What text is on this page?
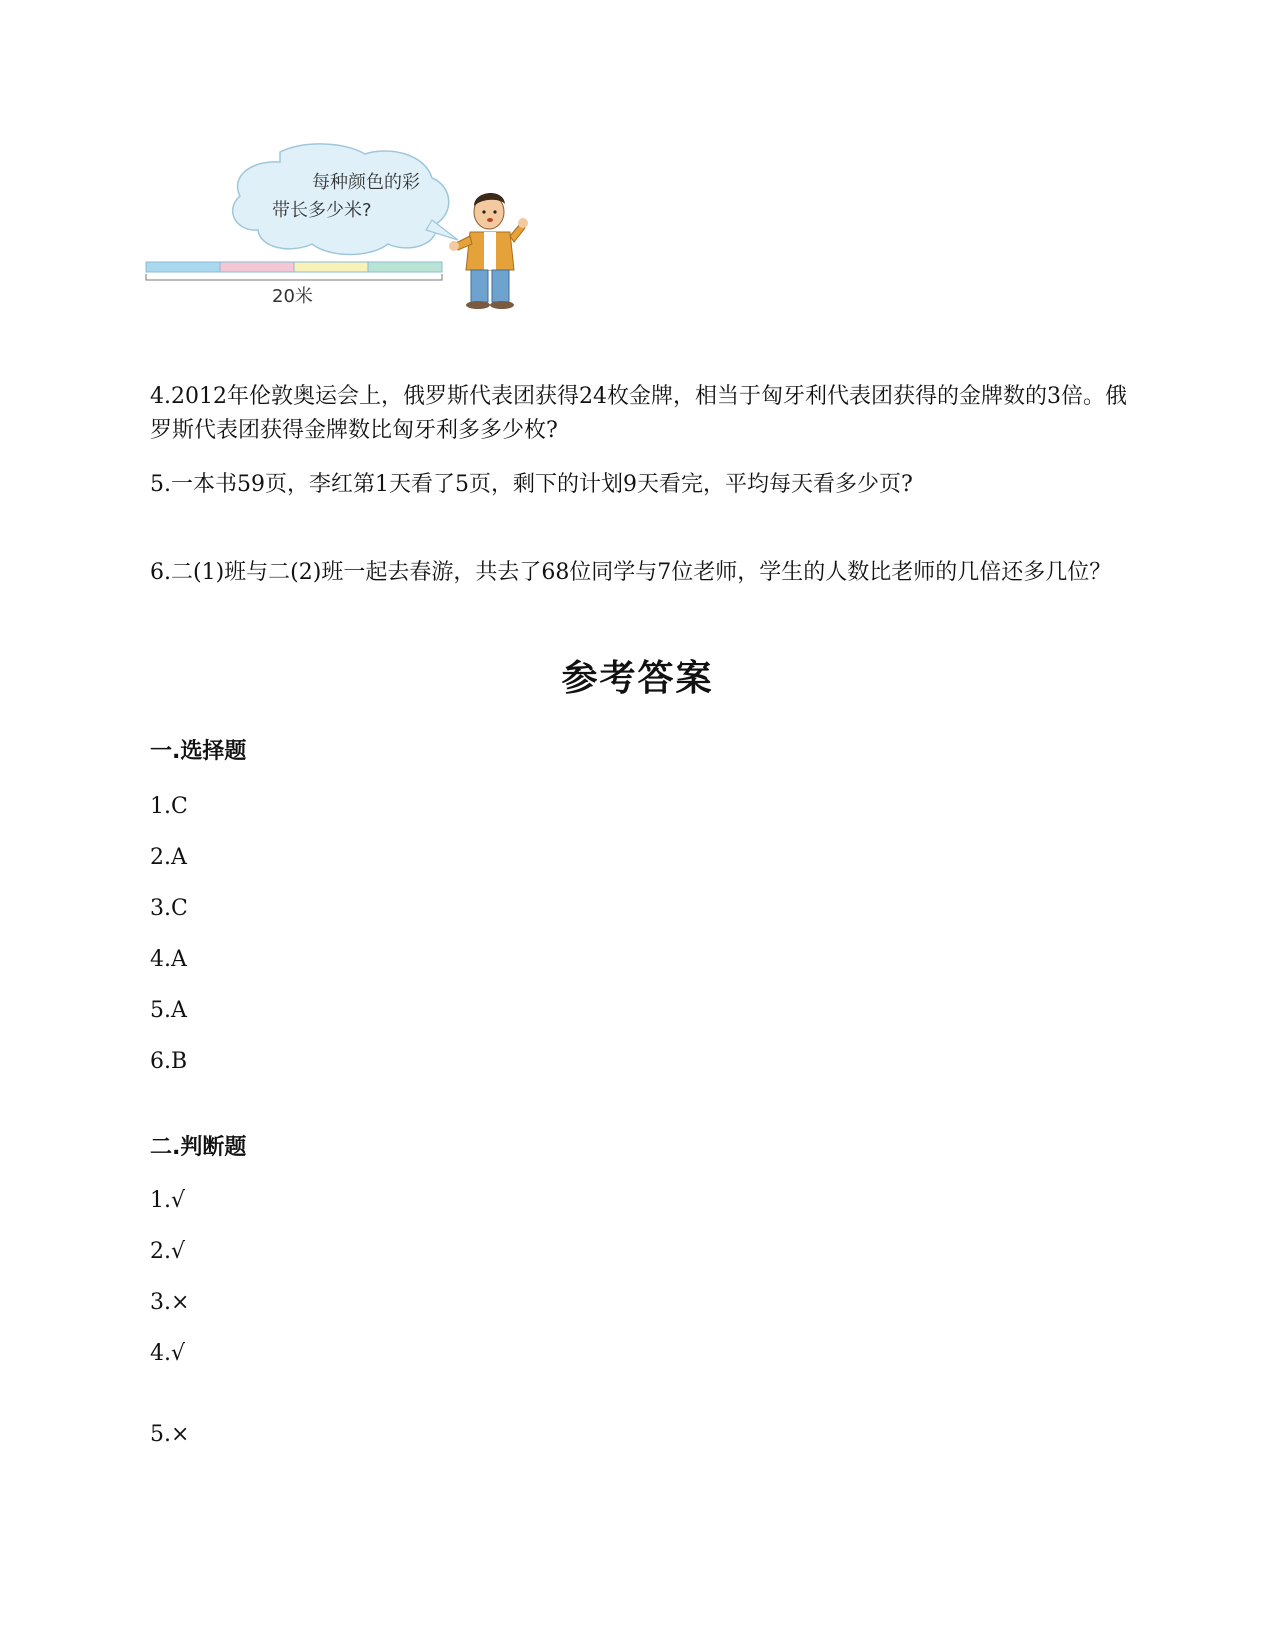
每种颜色的彩
带长多少米?
20米

4.2012年伦敦奥运会上，俄罗斯代表团获得24枚金牌，相当于匈牙利代表团获得的金牌数的3倍。俄罗斯代表团获得金牌数比匈牙利多多少枚?

5.一本书59页，李红第1天看了5页，剩下的计划9天看完，平均每天看多少页?

6.二(1)班与二(2)班一起去春游，共去了68位同学与7位老师，学生的人数比老师的几倍还多几位？

参考答案
一.选择题

1.C

2.A

3.C

4.A

5.A

6.B

二.判断题

1.√

2.√

3.×

4.√

5.×
